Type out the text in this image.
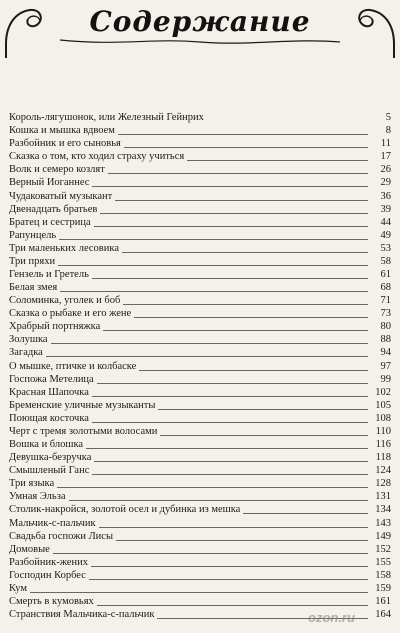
Содержание
Король-лягушонок, или Железный Гейнрих	5
Кошка и мышка вдвоем	8
Разбойник и его сыновья	11
Сказка о том, кто ходил страху учиться	17
Волк и семеро козлят	26
Верный Иоганнес	29
Чудаковатый музыкант	36
Двенадцать братьев	39
Братец и сестрица	44
Рапунцель	49
Три маленьких лесовика	53
Три пряхи	58
Гензель и Гретель	61
Белая змея	68
Соломинка, уголек и боб	71
Сказка о рыбаке и его жене	73
Храбрый портняжка	80
Золушка	88
Загадка	94
О мышке, птичке и колбаске	97
Госпожа Метелица	99
Красная Шапочка	102
Бременские уличные музыканты	105
Поющая косточка	108
Черт с тремя золотыми волосами	110
Вошка и блошка	116
Девушка-безручка	118
Смышленый Ганс	124
Три языка	128
Умная Эльза	131
Столик-накройся, золотой осел и дубинка из мешка	134
Мальчик-с-пальчик	143
Свадьба госпожи Лисы	149
Домовые	152
Разбойник-жених	155
Господин Корбес	158
Кум	159
Смерть в кумовьях	161
Странствия Мальчика-с-пальчик	164
ozon.ru
